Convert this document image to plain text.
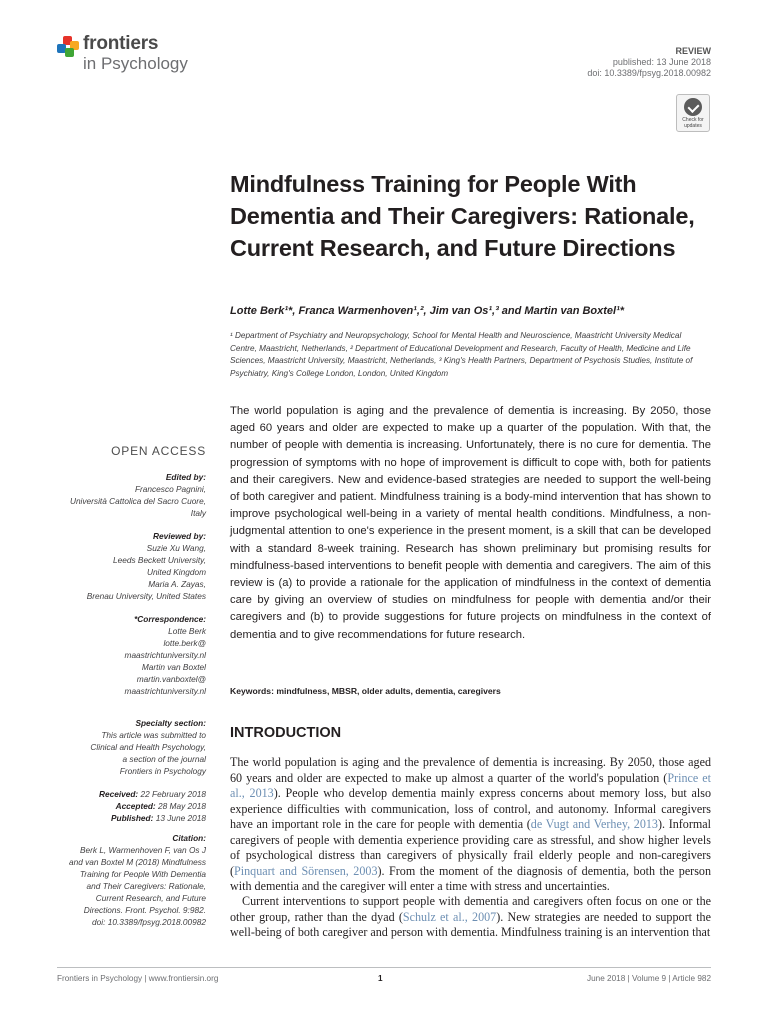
frontiers
in Psychology
REVIEW
published: 13 June 2018
doi: 10.3389/fpsyg.2018.00982
Check for updates
Mindfulness Training for People With Dementia and Their Caregivers: Rationale, Current Research, and Future Directions
Lotte Berk¹*, Franca Warmenhoven¹,², Jim van Os¹,³ and Martin van Boxtel¹*
¹ Department of Psychiatry and Neuropsychology, School for Mental Health and Neuroscience, Maastricht University Medical Centre, Maastricht, Netherlands, ² Department of Educational Development and Research, Faculty of Health, Medicine and Life Sciences, Maastricht University, Maastricht, Netherlands, ³ King's Health Partners, Department of Psychosis Studies, Institute of Psychiatry, King's College London, London, United Kingdom
The world population is aging and the prevalence of dementia is increasing. By 2050, those aged 60 years and older are expected to make up a quarter of the population. With that, the number of people with dementia is increasing. Unfortunately, there is no cure for dementia. The progression of symptoms with no hope of improvement is difficult to cope with, both for patients and their caregivers. New and evidence-based strategies are needed to support the well-being of both caregiver and patient. Mindfulness training is a body-mind intervention that has shown to improve psychological well-being in a variety of mental health conditions. Mindfulness, a non-judgmental attention to one's experience in the present moment, is a skill that can be developed with a standard 8-week training. Research has shown preliminary but promising results for mindfulness-based interventions to benefit people with dementia and caregivers. The aim of this review is (a) to provide a rationale for the application of mindfulness in the context of dementia care by giving an overview of studies on mindfulness for people with dementia and/or their caregivers and (b) to provide suggestions for future projects on mindfulness in the context of dementia and to give recommendations for future research.
Keywords: mindfulness, MBSR, older adults, dementia, caregivers
OPEN ACCESS
Edited by:
Francesco Pagnini,
Università Cattolica del Sacro Cuore,
Italy
Reviewed by:
Suzie Xu Wang,
Leeds Beckett University,
United Kingdom
Maria A. Zayas,
Brenau University, United States
*Correspondence:
Lotte Berk
lotte.berk@
maastrichtuniversity.nl
Martin van Boxtel
martin.vanboxtel@
maastrichtuniversity.nl
Specialty section:
This article was submitted to
Clinical and Health Psychology,
a section of the journal
Frontiers in Psychology
Received: 22 February 2018
Accepted: 28 May 2018
Published: 13 June 2018
Citation:
Berk L, Warmenhoven F, van Os J
and van Boxtel M (2018) Mindfulness
Training for People With Dementia
and Their Caregivers: Rationale,
Current Research, and Future
Directions. Front. Psychol. 9:982.
doi: 10.3389/fpsyg.2018.00982
INTRODUCTION
The world population is aging and the prevalence of dementia is increasing. By 2050, those aged 60 years and older are expected to make up almost a quarter of the world's population (Prince et al., 2013). People who develop dementia mainly express concerns about memory loss, but also experience difficulties with communication, loss of control, and autonomy. Informal caregivers have an important role in the care for people with dementia (de Vugt and Verhey, 2013). Informal caregivers of people with dementia experience providing care as stressful, and show higher levels of psychological distress than caregivers of physically frail elderly people and non-caregivers (Pinquart and Sörensen, 2003). From the moment of the diagnosis of dementia, both the person with dementia and the caregiver will enter a time with stress and uncertainties.
Current interventions to support people with dementia and caregivers often focus on one or the other group, rather than the dyad (Schulz et al., 2007). New strategies are needed to support the well-being of both caregiver and person with dementia. Mindfulness training is an intervention that
Frontiers in Psychology | www.frontiersin.org	1	June 2018 | Volume 9 | Article 982
